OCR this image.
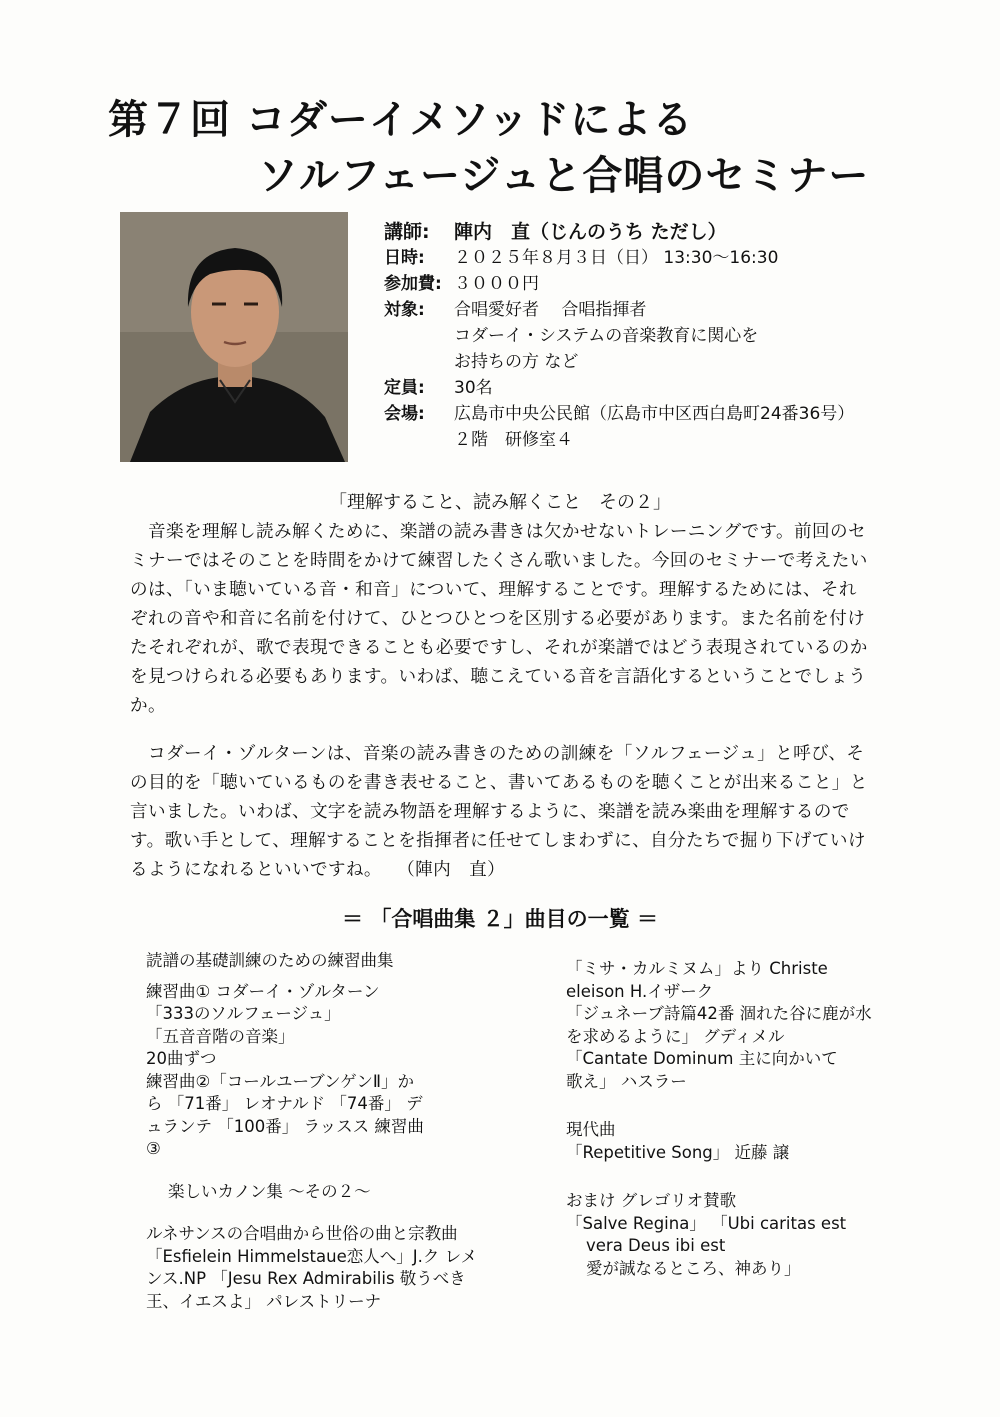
第７回 コダーイメソッドによる
ソルフェージュと合唱のセミナー
講師:	陣内　直（じんのうち ただし）
日時:	２０２５年８月３日（日） 13:30〜16:30
参加費: ３０００円
対象:	合唱愛好者　 合唱指揮者
コダーイ・システムの音楽教育に関心を
お持ちの方 など
定員:	30名
会場:	広島市中央公民館（広島市中区西白島町24番36号）
２階　研修室４
「理解すること、読み解くこと　その２」
　音楽を理解し読み解くために、楽譜の読み書きは欠かせないトレーニングです。前回のセ
ミナーではそのことを時間をかけて練習したくさん歌いました。今回のセミナーで考えたい
のは、「いま聴いている音・和音」について、理解することです。理解するためには、それ
ぞれの音や和音に名前を付けて、ひとつひとつを区別する必要があります。また名前を付け
たそれぞれが、歌で表現できることも必要ですし、それが楽譜ではどう表現されているのか
を見つけられる必要もあります。いわば、聴こえている音を言語化するということでしょう
か。
　コダーイ・ゾルターンは、音楽の読み書きのための訓練を「ソルフェージュ」と呼び、そ
の目的を「聴いているものを書き表せること、書いてあるものを聴くことが出来ること」と
言いました。いわば、文字を読み物語を理解するように、楽譜を読み楽曲を理解するので
す。歌い手として、理解することを指揮者に任せてしまわずに、自分たちで掘り下げていけ
るようになれるといいですね。　 （陣内　直）
＝ 「合唱曲集 ２」曲目の一覧 ＝
読譜の基礎訓練のための練習曲集
練習曲① コダーイ・ゾルターン
「333のソルフェージュ」
「五音音階の音楽」
20曲ずつ
練習曲②「コールユーブンゲンⅡ」か
ら 「71番」 レオナルド 「74番」 デ
ュランテ 「100番」 ラッスス 練習曲
③
楽しいカノン集 〜その２〜
ルネサンスの合唱曲から世俗の曲と宗教曲
「Esfielein Himmelstaue恋人へ」J.ク レメ
ンス.NP 「Jesu Rex Admirabilis 敬うべき
王、イエスよ」 パレストリーナ
「ミサ・カルミヌム」より Christe
eleison H.イザーク
「ジュネーブ詩篇42番 涸れた谷に鹿が水
を求めるように」 グディメル
「Cantate Dominum 主に向かいて
歌え」 ハスラー
現代曲
「Repetitive Song」 近藤 譲
おまけ グレゴリオ賛歌
「Salve Regina」 「Ubi caritas est
vera Deus ibi est
愛が誠なるところ、神あり」
